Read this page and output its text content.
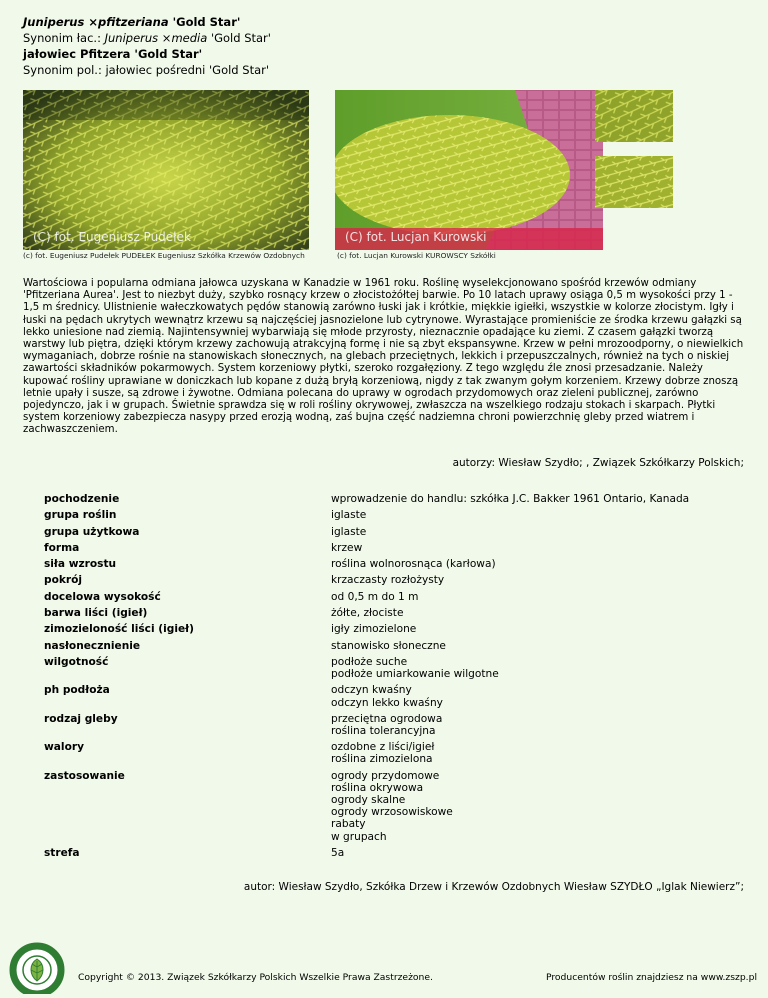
Juniperus ×pfitzeriana 'Gold Star'
Synonim łac.: Juniperus ×media 'Gold Star'
jałowiec Pfitzera 'Gold Star'
Synonim pol.: jałowiec pośredni 'Gold Star'
(C) fot. Eugeniusz Pudełek	(C) fot. Lucjan Kurowski
(c) fot. Eugeniusz Pudełek PUDEŁEK Eugeniusz Szkółka Krzewów Ozdobnych	(c) fot. Lucjan Kurowski KUROWSCY Szkółki
Wartościowa i popularna odmiana jałowca uzyskana w Kanadzie w 1961 roku. Roślinę wyselekcjonowano spośród krzewów odmiany 'Pfitzeriana Aurea'. Jest to niezbyt duży, szybko rosnący krzew o złocistożółtej barwie. Po 10 latach uprawy osiąga 0,5 m wysokości przy 1 - 1,5 m średnicy. Ulistnienie wałeczkowatych pędów stanowią zarówno łuski jak i krótkie, miękkie igiełki, wszystkie w kolorze złocistym. Igły i łuski na pędach ukrytych wewnątrz krzewu są najczęściej jasnozielone lub cytrynowe. Wyrastające promieniście ze środka krzewu gałązki są lekko uniesione nad ziemią. Najintensywniej wybarwiają się młode przyrosty, nieznacznie opadające ku ziemi. Z czasem gałązki tworzą warstwy lub piętra, dzięki którym krzewy zachowują atrakcyjną formę i nie są zbyt ekspansywne. Krzew w pełni mrozoodporny, o niewielkich wymaganiach, dobrze rośnie na stanowiskach słonecznych, na glebach przeciętnych, lekkich i przepuszczalnych, również na tych o niskiej zawartości składników pokarmowych. System korzeniowy płytki, szeroko rozgałęziony. Z tego względu źle znosi przesadzanie. Należy kupować rośliny uprawiane w doniczkach lub kopane z dużą bryłą korzeniową, nigdy z tak zwanym gołym korzeniem. Krzewy dobrze znoszą letnie upały i susze, są zdrowe i żywotne. Odmiana polecana do uprawy w ogrodach przydomowych oraz zieleni publicznej, zarówno pojedynczo, jak i w grupach. Świetnie sprawdza się w roli rośliny okrywowej, zwłaszcza na wszelkiego rodzaju stokach i skarpach. Płytki system korzeniowy zabezpiecza nasypy przed erozją wodną, zaś bujna część nadziemna chroni powierzchnię gleby przed wiatrem i zachwaszczeniem.
autorzy: Wiesław Szydło; , Związek Szkółkarzy Polskich;
pochodzenie	wprowadzenie do handlu: szkółka J.C. Bakker 1961 Ontario, Kanada
grupa roślin	iglaste
grupa użytkowa	iglaste
forma	krzew
siła wzrostu	roślina wolnorosnąca (karłowa)
pokrój	krzaczasty rozłożysty
docelowa wysokość	od 0,5 m do 1 m
barwa liści (igieł)	żółte, złociste
zimozieloność liści (igieł)	igły zimozielone
nasłonecznienie	stanowisko słoneczne
wilgotność	podłoże suche
podłoże umiarkowanie wilgotne
ph podłoża	odczyn kwaśny
odczyn lekko kwaśny
rodzaj gleby	przeciętna ogrodowa
roślina tolerancyjna
walory	ozdobne z liści/igieł
roślina zimozielona
zastosowanie	ogrody przydomowe
roślina okrywowa
ogrody skalne
ogrody wrzosowiskowe
rabaty
w grupach
strefa	5a
autor: Wiesław Szydło, Szkółka Drzew i Krzewów Ozdobnych Wiesław SZYDŁO „Iglak Niewierz”;
Copyright © 2013. Związek Szkółkarzy Polskich Wszelkie Prawa Zastrzeżone.	Producentów roślin znajdziesz na www.zszp.pl
